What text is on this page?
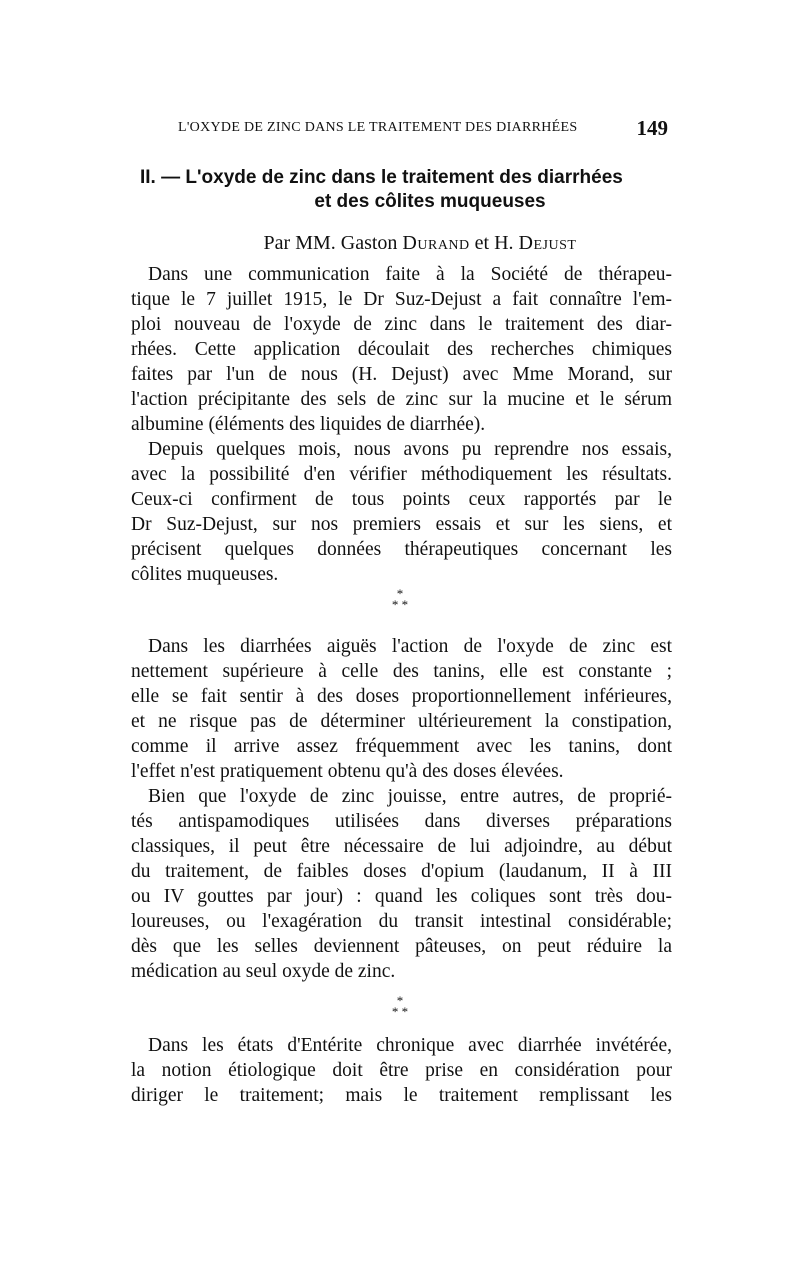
L'OXYDE DE ZINC DANS LE TRAITEMENT DES DIARRHÉES	149
II. — L'oxyde de zinc dans le traitement des diarrhées
et des côlites muqueuses
Par MM. Gaston Durand et H. Dejust
Dans une communication faite à la Société de thérapeu-
tique le 7 juillet 1915, le Dr Suz-Dejust a fait connaître l'em-
ploi nouveau de l'oxyde de zinc dans le traitement des diar-
rhées. Cette application découlait des recherches chimiques
faites par l'un de nous (H. Dejust) avec Mme Morand, sur
l'action précipitante des sels de zinc sur la mucine et le sérum
albumine (éléments des liquides de diarrhée).
Depuis quelques mois, nous avons pu reprendre nos essais,
avec la possibilité d'en vérifier méthodiquement les résultats.
Ceux-ci confirment de tous points ceux rapportés par le
Dr Suz-Dejust, sur nos premiers essais et sur les siens, et
précisent quelques données thérapeutiques concernant les
côlites muqueuses.
*
* *
Dans les diarrhées aiguës l'action de l'oxyde de zinc est
nettement supérieure à celle des tanins, elle est constante ;
elle se fait sentir à des doses proportionnellement inférieures,
et ne risque pas de déterminer ultérieurement la constipation,
comme il arrive assez fréquemment avec les tanins, dont
l'effet n'est pratiquement obtenu qu'à des doses élevées.
Bien que l'oxyde de zinc jouisse, entre autres, de proprié-
tés antispamodiques utilisées dans diverses préparations
classiques, il peut être nécessaire de lui adjoindre, au début
du traitement, de faibles doses d'opium (laudanum, II à III
ou IV gouttes par jour) : quand les coliques sont très dou-
loureuses, ou l'exagération du transit intestinal considérable;
dès que les selles deviennent pâteuses, on peut réduire la
médication au seul oxyde de zinc.
*
* *
Dans les états d'Entérite chronique avec diarrhée invétérée,
la notion étiologique doit être prise en considération pour
diriger le traitement; mais le traitement remplissant les
